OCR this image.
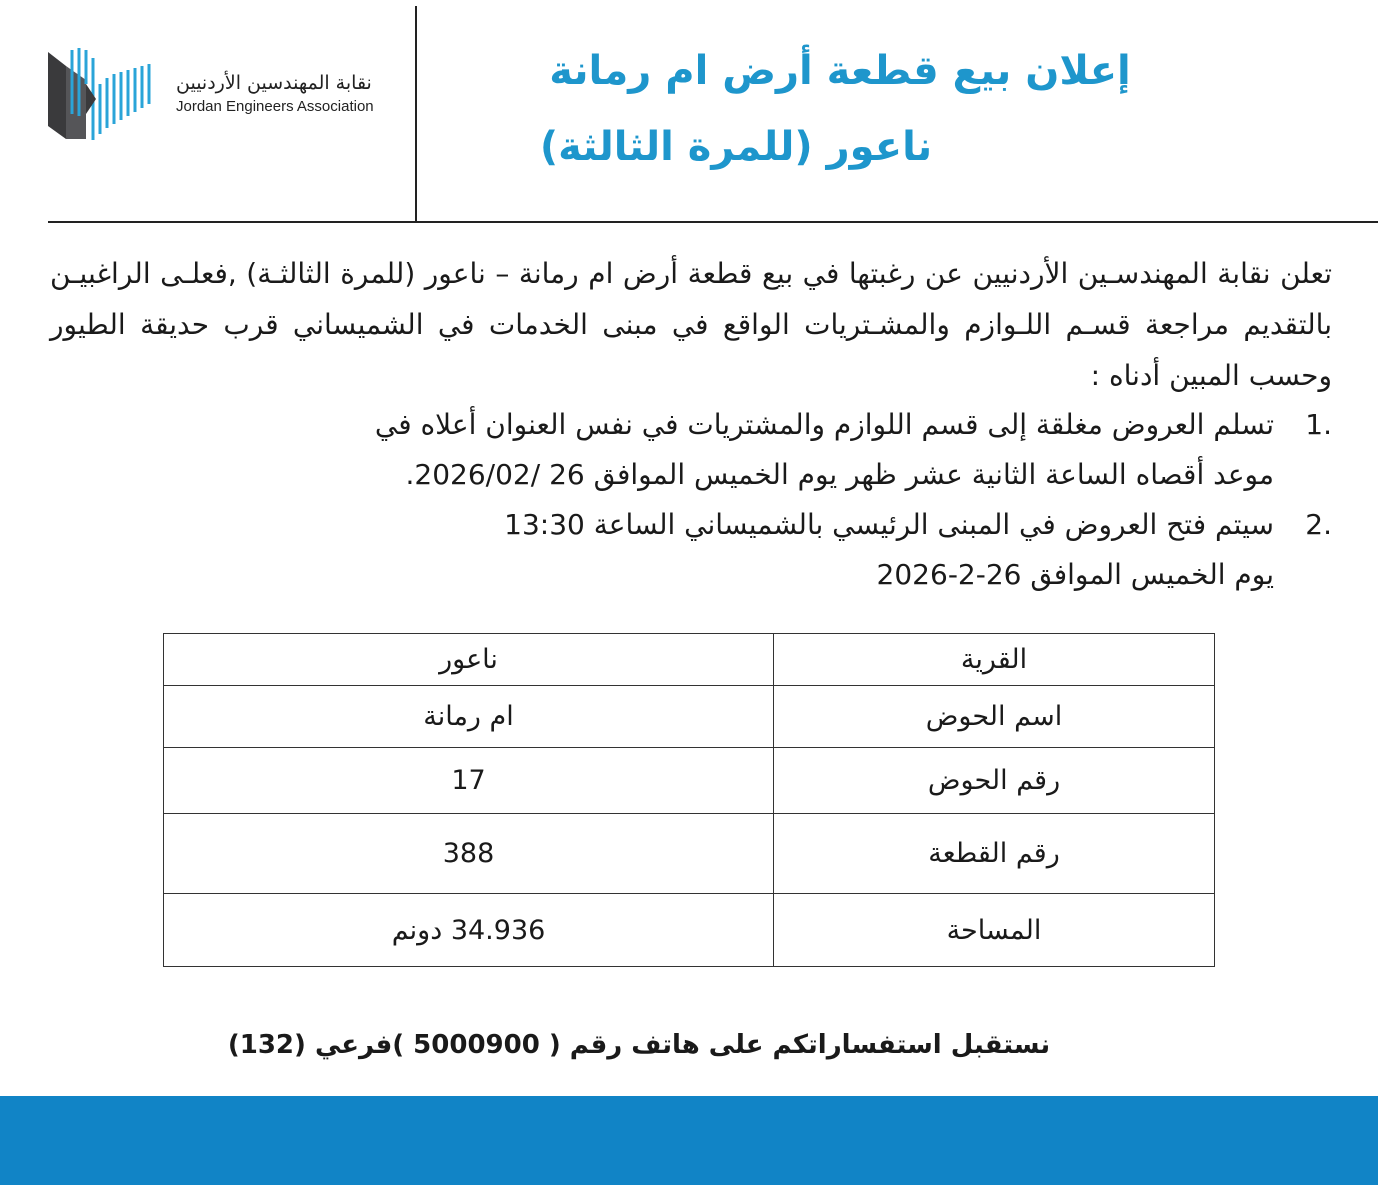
نقابة المهندسين الأردنيين
Jordan Engineers Association
إعلان بيع قطعة أرض ام رمانة
ناعور (للمرة الثالثة)
تعلن نقابة المهندسـين الأردنيين عن رغبتها في بيع قطعة أرض ام رمانة – ناعور (للمرة الثالثـة) ,فعلـى الراغبيـن بالتقديم مراجعة قسـم اللـوازم والمشـتريات الواقع في مبنى الخدمات في الشميساني قرب حديقة الطيور وحسب المبين أدناه :
1.
تسلم العروض مغلقة إلى قسم اللوازم والمشتريات في نفس العنوان أعلاه في
موعد أقصاه الساعة الثانية عشر ظهر يوم الخميس الموافق 26 /2026/02.
2.
سيتم فتح العروض في المبنى الرئيسي بالشميساني الساعة 13:30
يوم الخميس الموافق 26-2-2026
القرية	ناعور
اسم الحوض	ام رمانة
رقم الحوض	17
رقم القطعة	388
المساحة	34.936 دونم
نستقبل استفساراتكم على هاتف رقم ( 5000900 )فرعي (132)
